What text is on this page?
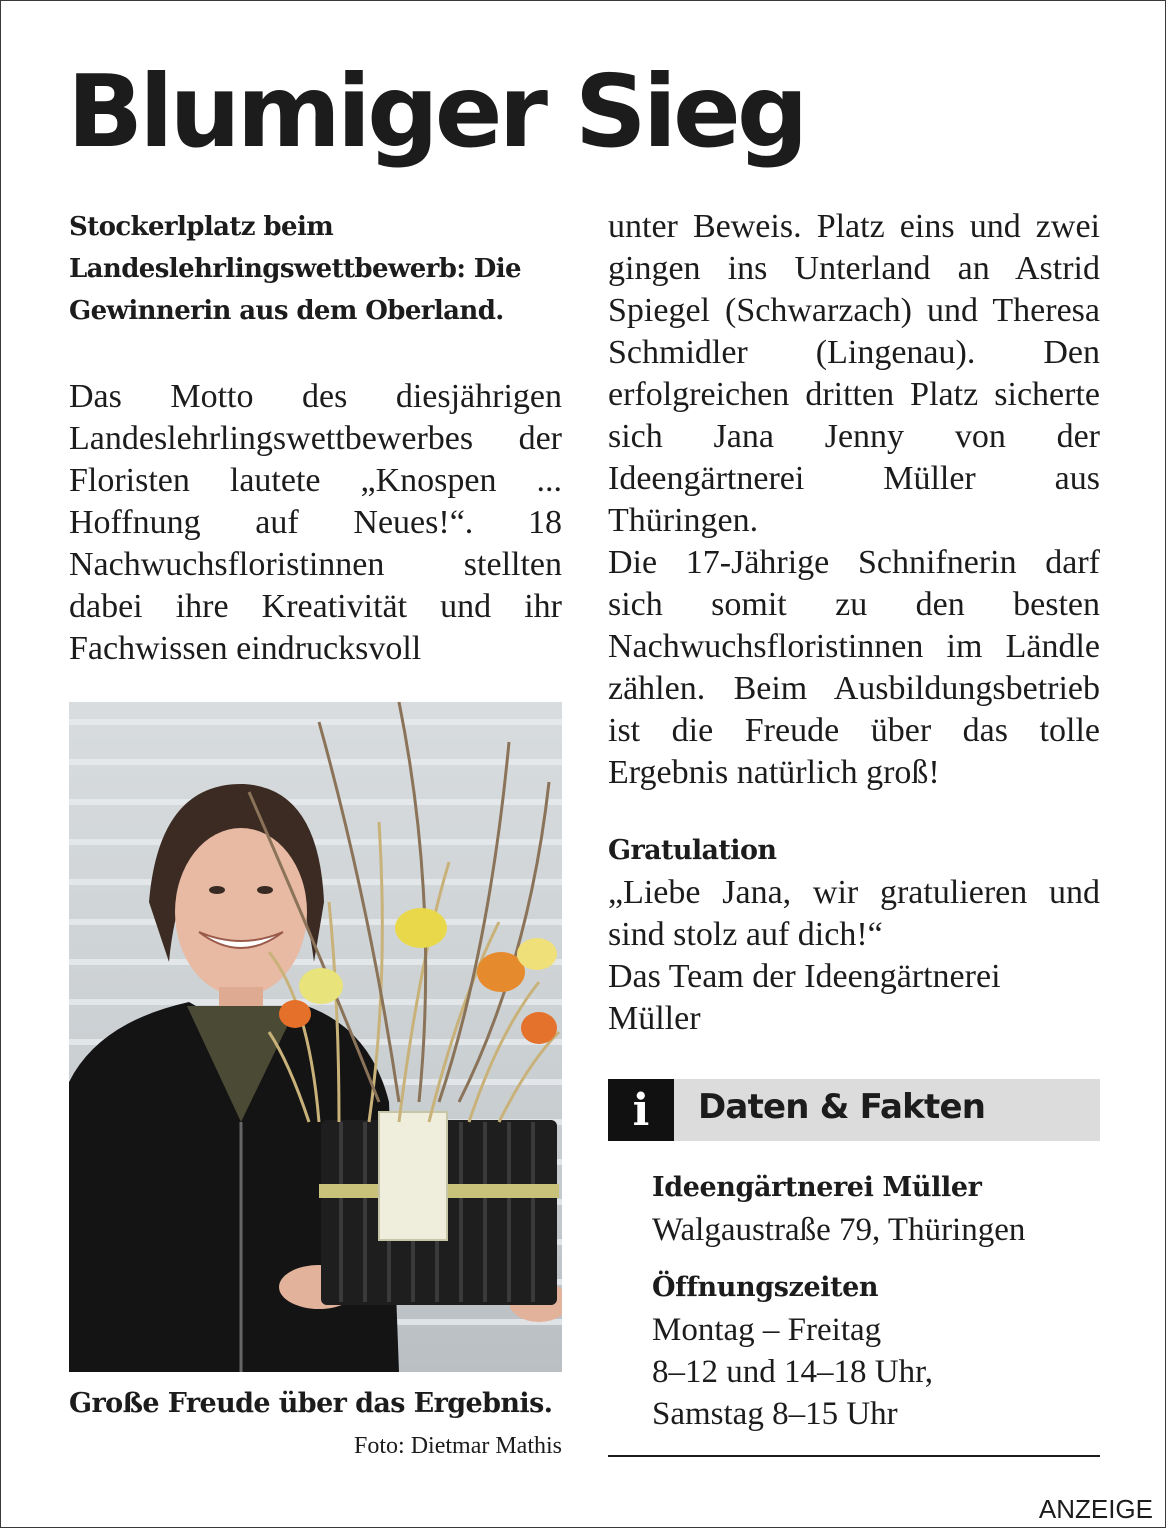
Blumiger Sieg

Stockerlplatz beim Landeslehrlingswettbewerb: Die Gewinnerin aus dem Oberland.

Das Motto des diesjährigen Landeslehrlingswettbewerbes der Floristen lautete „Knospen ... Hoffnung auf Neues!“. 18 Nachwuchsfloristinnen stellten dabei ihre Kreativität und ihr Fachwissen eindrucksvoll

Große Freude über das Ergebnis.
Foto: Dietmar Mathis

unter Beweis. Platz eins und zwei gingen ins Unterland an Astrid Spiegel (Schwarzach) und Theresa Schmidler (Lingenau). Den erfolgreichen dritten Platz sicherte sich Jana Jenny von der Ideengärtnerei Müller aus Thüringen.

Die 17-Jährige Schnifnerin darf sich somit zu den besten Nachwuchsfloristinnen im Ländle zählen. Beim Ausbildungsbetrieb ist die Freude über das tolle Ergebnis natürlich groß!

Gratulation

„Liebe Jana, wir gratulieren und sind stolz auf dich!“

Das Team der Ideengärtnerei

Müller

i	Daten & Fakten
Ideengärtnerei Müller
Walgaustraße 79, Thüringen
Öffnungszeiten
Montag – Freitag
8–12 und 14–18 Uhr,
Samstag 8–15 Uhr
ANZEIGE
